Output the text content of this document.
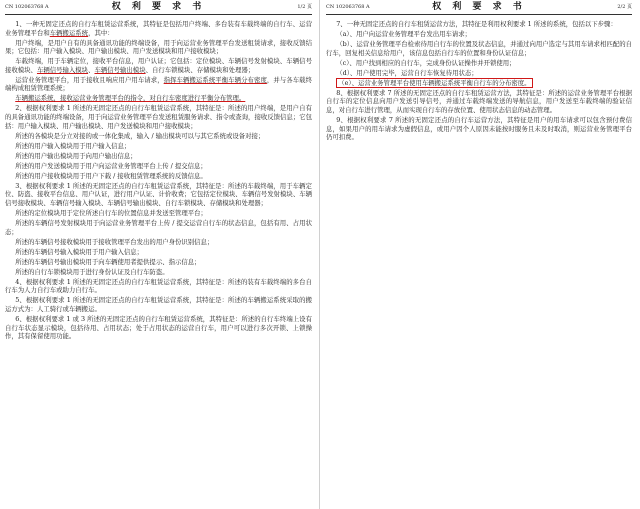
CN 102063768 A	权 利 要 求 书	1/2 页

1、一种无固定还点的自行车租赁运营系统，其特征是包括用户终端、多台装有车载终端的自行车、运营业务管理平台和车辆搬运系统，其中：

用户终端，是用户自有的具备通讯功能的终端设备，用于向运营业务管理平台发送租赁请求，接收反馈结果；它包括：用户输入模块、用户输出模块、用户发送模块和用户接收模块；

车载终端，用于车辆定位，接收平台信息，用户认证；它包括：定位模块、车辆信号发射模块、车辆信号接收模块、车辆信号输入模块、车辆信号输出模块、自行车锁模块、存储模块和处理器；

运营业务管理平台，用于接收且响应用户用车请求，指挥车辆搬运系统平衡车辆分布密度，并与各车载终端构成租赁管理系统；

车辆搬运系统，接收运营业务管理平台的指令，对自行车密度进行平衡分布管理。

2、根据权利要求 1 所述的无固定还点的自行车租赁运营系统，其特征是：所述的用户终端，是用户自有的具备通讯功能的终端设备，用于向运营业务管理平台发送租赁服务请求、指令或查询，接收反馈信息；它包括：用户输入模块、用户输出模块、用户发送模块和用户接收模块；

所述的各模块是分立对接的或一体化集成，输入 / 输出模块可以与其它系统或设备对接；

所述的用户输入模块用于用户输入信息；

所述的用户输出模块用于向用户输出信息；

所述的用户发送模块用于用户向运营业务管理平台上传 / 提交信息；

所述的用户接收模块用于用户下载 / 接收租赁管理系统的反馈信息。

3、根据权利要求 1 所述的无固定还点的自行车租赁运营系统，其特征是：所述的车载终端，用于车辆定位、防盗、接收平台信息、用户认证，进行用户认证、计价收费；它包括定位模块、车辆信号发射模块、车辆信号接收模块、车辆信号输入模块、车辆信号输出模块、自行车锁模块、存储模块和处理器；

所述的定位模块用于定位所述自行车的位置信息并发送至管理平台；

所述的车辆信号发射模块用于向运营业务管理平台上传 / 提交运营自行车的状态信息，包括有用、占用状态；

所述的车辆信号接收模块用于接收管理平台发出的用户身份识别信息；

所述的车辆信号输入模块用于用户输入信息；

所述的车辆信号输出模块用于向车辆使用者提供提示、指示信息；

所述的自行车锁模块用于进行身份认证及自行车防盗。

4、根据权利要求 1 所述的无固定还点的自行车租赁运营系统，其特征是：所述的装有车载终端的多台自行车为人力自行车或助力自行车。

5、根据权利要求 1 所述的无固定还点的自行车租赁运营系统，其特征是：所述的车辆搬运系统采取的搬运方式为：人工骑行或车辆搬运。

6、根据权利要求 1 或 3 所述的无固定还点的自行车租赁运营系统，其特征是：所述的自行车终端上设有自行车状态显示模块，包括待用、占用状态；处于占用状态的运营自行车，用户可以进行多次开锁、上锁操作，其有保留使用功能。

CN 102063768 A	权 利 要 求 书	2/2 页

7、一种无固定还点的自行车租赁运营方法，其特征是利用权利要求 1 所述的系统，包括以下步骤：

（a）、用户向运营业务管理平台发出用车请求；

（b）、运营业务管理平台检索待用自行车的位置及状态信息，并通过向用户选定与其用车请求相匹配的自行车，回复相关信息给用户，该信息包括自行车的位置和身份认证信息；

（c）、用户找到相应的自行车，完成身份认证操作并开锁使用；

（d）、用户使用完毕，运营自行车恢复待用状态；

（e）、运营业务管理平台使用车辆搬运系统平衡自行车的分布密度。

8、根据权利要求 7 所述的无固定还点的自行车租赁运营方法，其特征是：所述的运营业务管理平台根据自行车的定位信息向用户发送引导信号，并通过车载终端发送的导航信息，用户发送至车载终端的验证信息，对自行车进行管理，从而实现自行车的存放位置、使用状态信息的动态管理。

9、根据权利要求 7 所述的无固定还点的自行车运营方法，其特征是用户的用车请求可以包含预付费信息，如果用户的用车请求为虚假信息，或用户因个人原因未能按时服务且未及时取消，则运营业务管理平台仍可扣费。
